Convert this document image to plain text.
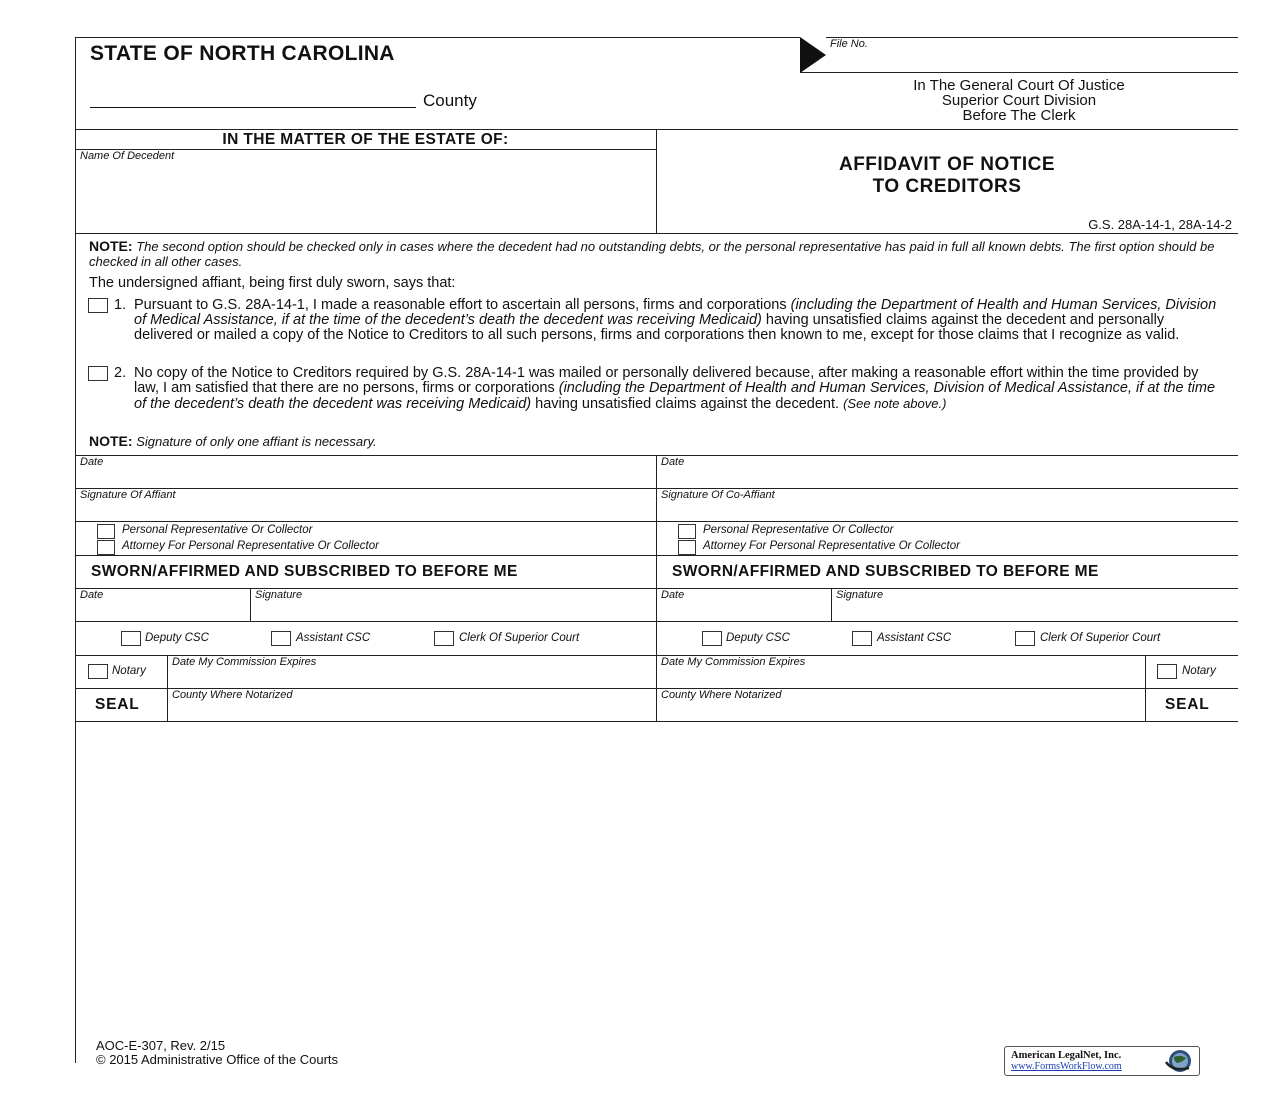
STATE OF NORTH CAROLINA
County
File No.
In The General Court Of Justice
Superior Court Division
Before The Clerk
IN THE MATTER OF THE ESTATE OF:
Name Of Decedent	AFFIDAVIT OF NOTICE
TO CREDITORS
G.S. 28A-14-1, 28A-14-2
NOTE: The second option should be checked only in cases where the decedent had no outstanding debts, or the personal representative has paid in full all known debts. The first option should be checked in all other cases.
The undersigned affiant, being first duly sworn, says that:
1. Pursuant to G.S. 28A-14-1, I made a reasonable effort to ascertain all persons, firms and corporations (including the Department of Health and Human Services, Division of Medical Assistance, if at the time of the decedent’s death the decedent was receiving Medicaid) having unsatisfied claims against the decedent and personally delivered or mailed a copy of the Notice to Creditors to all such persons, firms and corporations then known to me, except for those claims that I recognize as valid.
2. No copy of the Notice to Creditors required by G.S. 28A-14-1 was mailed or personally delivered because, after making a reasonable effort within the time provided by law, I am satisfied that there are no persons, firms or corporations (including the Department of Health and Human Services, Division of Medical Assistance, if at the time of the decedent’s death the decedent was receiving Medicaid) having unsatisfied claims against the decedent. (See note above.)
NOTE: Signature of only one affiant is necessary.
Date
Signature Of Affiant
Personal Representative Or Collector
Attorney For Personal Representative Or Collector
Date
Signature Of Co-Affiant
Personal Representative Or Collector
Attorney For Personal Representative Or Collector
SWORN/AFFIRMED AND SUBSCRIBED TO BEFORE ME	SWORN/AFFIRMED AND SUBSCRIBED TO BEFORE ME
Date	Signature
Deputy CSC	Assistant CSC	Clerk Of Superior Court
Notary
Date My Commission Expires
SEAL
County Where Notarized
Date	Signature
Deputy CSC	Assistant CSC	Clerk Of Superior Court
Date My Commission Expires
Notary
County Where Notarized
SEAL
AOC-E-307, Rev. 2/15
© 2015 Administrative Office of the Courts	American LegalNet, Inc.
www.FormsWorkFlow.com
